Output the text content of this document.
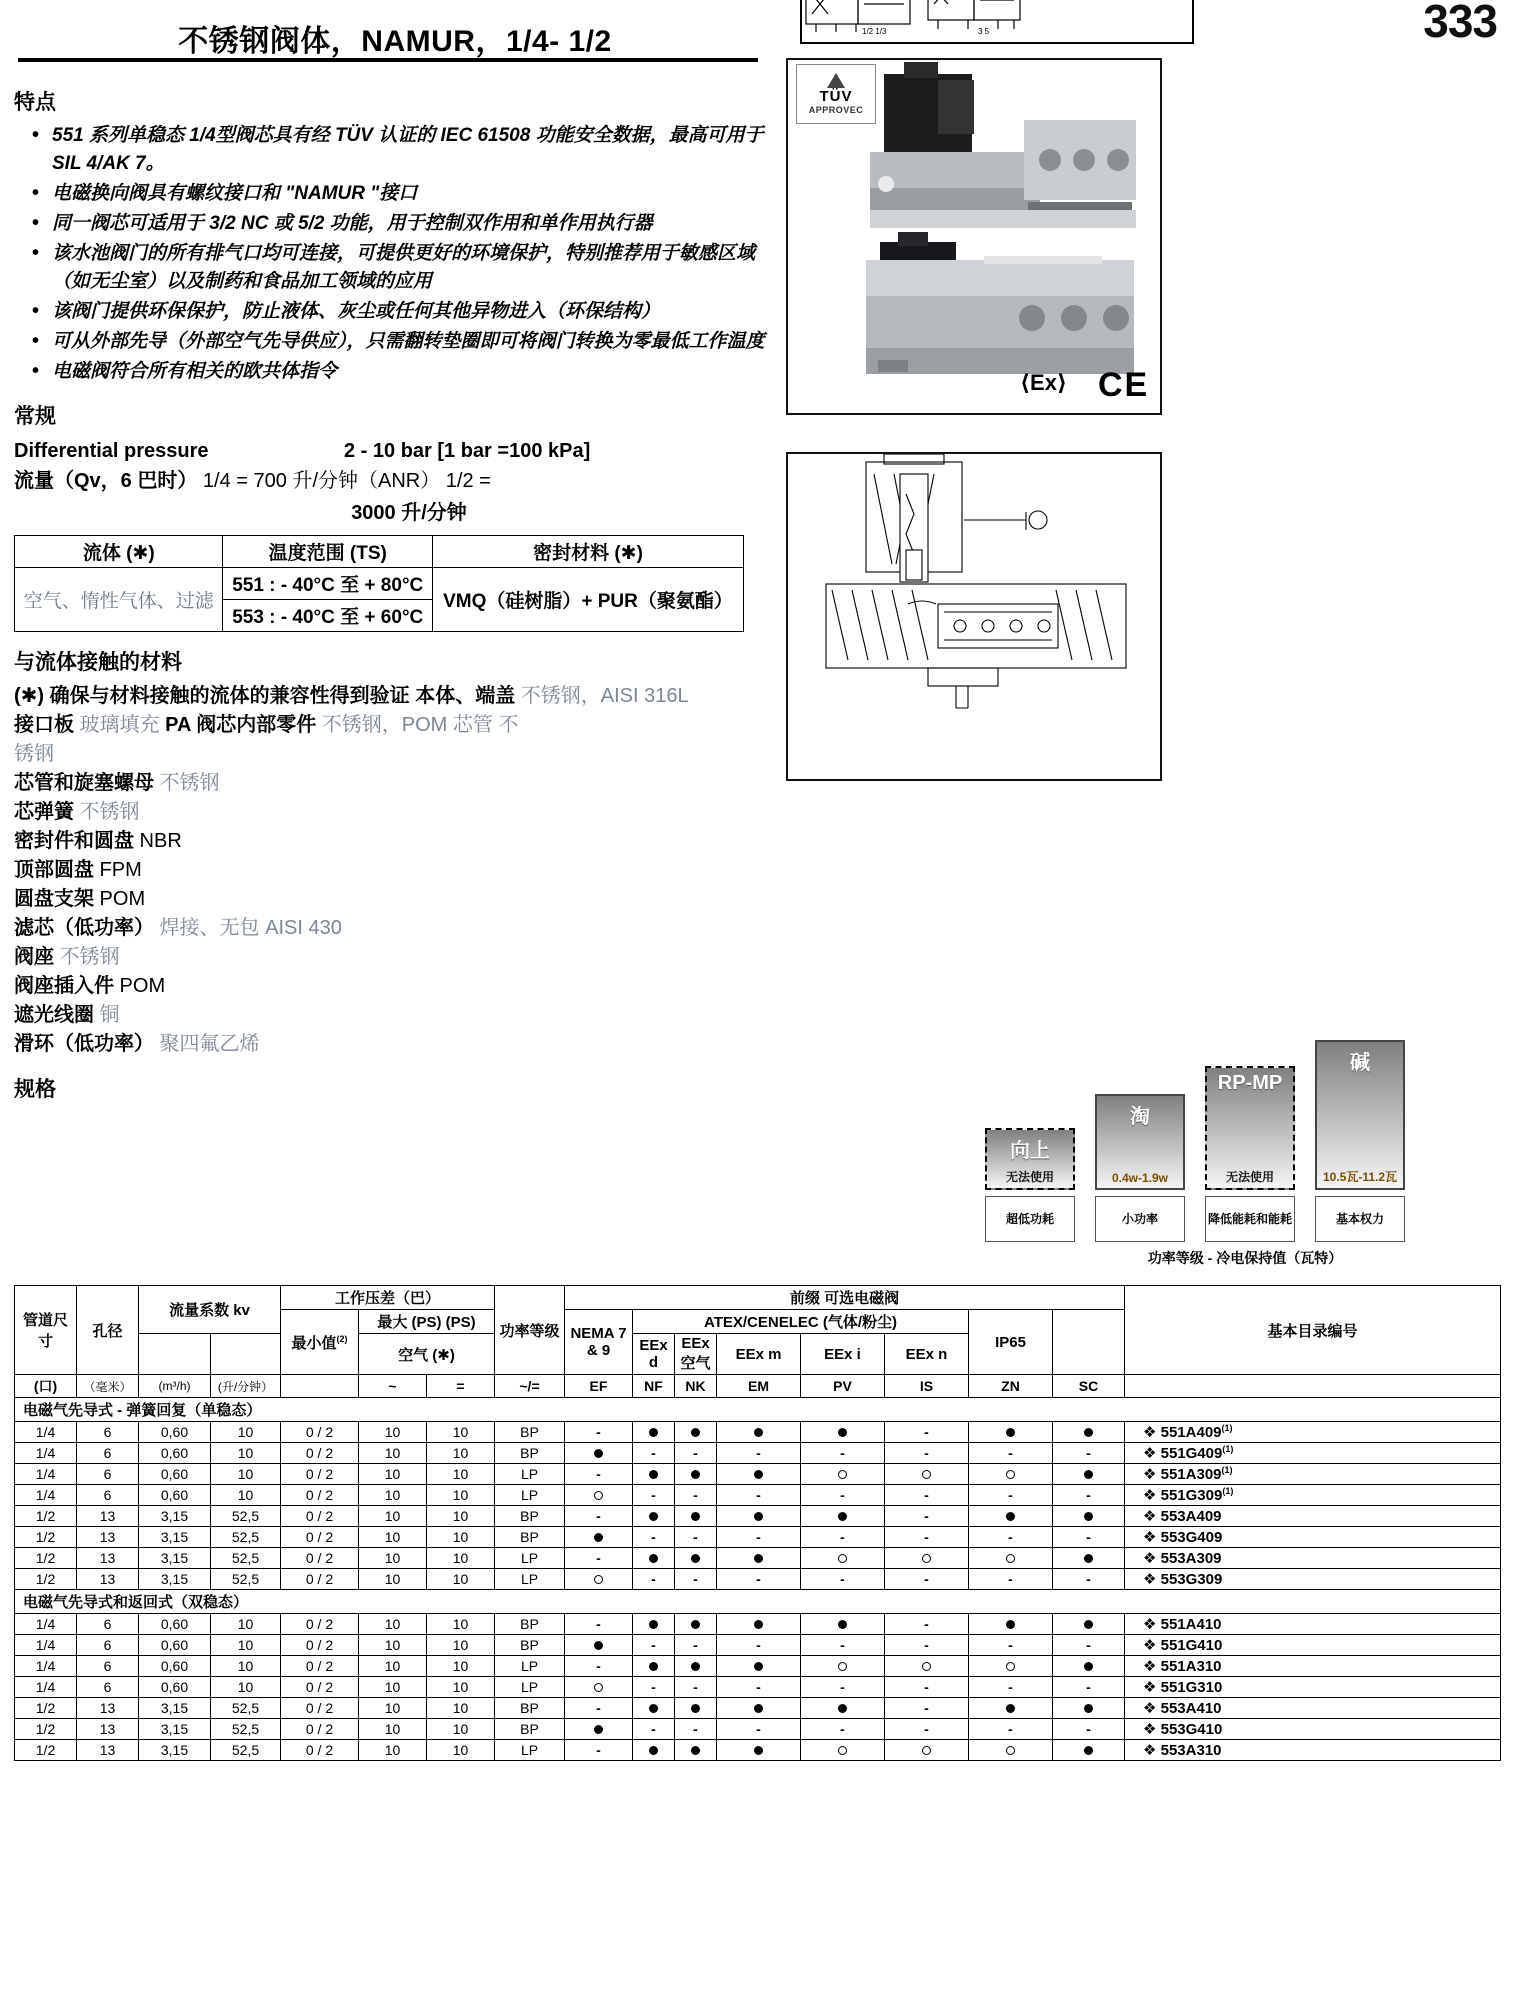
333
不锈钢阀体，NAMUR，1/4- 1/2	1/2 1/3	3 5
TÜV
APPROVEC
⟨Ex⟩ CE
特点
• 551 系列单稳态 1/4型阀芯具有经 TÜV 认证的 IEC 61508 功能安全数据，最高可用于 SIL 4/AK 7。
• 电磁换向阀具有螺纹接口和 "NAMUR "接口
• 同一阀芯可适用于 3/2 NC 或 5/2 功能，用于控制双作用和单作用执行器
• 该水池阀门的所有排气口均可连接，可提供更好的环境保护，特别推荐用于敏感区域（如无尘室）以及制药和食品加工领域的应用
• 该阀门提供环保保护，防止液体、灰尘或任何其他异物进入（环保结构）
• 可从外部先导（外部空气先导供应），只需翻转垫圈即可将阀门转换为零最低工作温度
• 电磁阀符合所有相关的欧共体指令
常规
Differential pressure	2 - 10 bar [1 bar =100 kPa]
流量（Qv，6 巴时） 1/4 = 700 升/分钟（ANR） 1/2 =
3000 升/分钟
流体 (✱)	温度范围 (TS)	密封材料 (✱)
空气、惰性气体、过滤	551 : - 40°C 至 + 80°C	VMQ（硅树脂）+ PUR（聚氨酯）
	553 : - 40°C 至 + 60°C	
与流体接触的材料
(✱) 确保与材料接触的流体的兼容性得到验证 本体、端盖 不锈钢，AISI 316L
接口板 玻璃填充 PA 阀芯内部零件 不锈钢，POM 芯管 不
锈钢
芯管和旋塞螺母 不锈钢
芯弹簧 不锈钢
密封件和圆盘 NBR
顶部圆盘 FPM
圆盘支架 POM
滤芯（低功率） 焊接、无包 AISI 430
阀座 不锈钢
阀座插入件 POM
遮光线圈 铜
滑环（低功率） 聚四氟乙烯
规格
向上
无法使用
超低功耗
淘
0.4w-1.9w
小功率
RP-MP
无法使用
降低能耗和能耗
碱
10.5瓦-11.2瓦
基本权力
功率等级 - 冷电保持值（瓦特）
管道尺寸	孔径	流量系数 kv		工作压差（巴）			功率等级	前缀 可选电磁阀								基本目录编号
				最小值$^{(2)}$	最大 (PS) (PS)			NEMA 7 & 9	ATEX/CENELEC (气体/粉尘)					IP65		
					空气 (✱)				EEx d	EEx 空气	EEx m	EEx i	EEx n			
(口)	（毫米）	(m³/h)	(升/分钟）		~	=	~/=	EF	NF	NK	EM	PV	IS	ZN	SC	
电磁气先导式 - 弹簧回复（单稳态）																
1/4	6	0,60	10	0 / 2	10	10	BP	-					-			❖ 551A409$^{(1)}$
1/4	6	0,60	10	0 / 2	10	10	BP		-	-	-	-	-	-	-	❖ 551G409$^{(1)}$
1/4	6	0,60	10	0 / 2	10	10	LP	-								❖ 551A309$^{(1)}$
1/4	6	0,60	10	0 / 2	10	10	LP		-	-	-	-	-	-	-	❖ 551G309$^{(1)}$
1/2	13	3,15	52,5	0 / 2	10	10	BP	-					-			❖ 553A409
1/2	13	3,15	52,5	0 / 2	10	10	BP		-	-	-	-	-	-	-	❖ 553G409
1/2	13	3,15	52,5	0 / 2	10	10	LP	-								❖ 553A309
1/2	13	3,15	52,5	0 / 2	10	10	LP		-	-	-	-	-	-	-	❖ 553G309
电磁气先导式和返回式（双稳态）																
1/4	6	0,60	10	0 / 2	10	10	BP	-					-			❖ 551A410
1/4	6	0,60	10	0 / 2	10	10	BP		-	-	-	-	-	-	-	❖ 551G410
1/4	6	0,60	10	0 / 2	10	10	LP	-								❖ 551A310
1/4	6	0,60	10	0 / 2	10	10	LP		-	-	-	-	-	-	-	❖ 551G310
1/2	13	3,15	52,5	0 / 2	10	10	BP	-					-			❖ 553A410
1/2	13	3,15	52,5	0 / 2	10	10	BP		-	-	-	-	-	-	-	❖ 553G410
1/2	13	3,15	52,5	0 / 2	10	10	LP	-								❖ 553A310
